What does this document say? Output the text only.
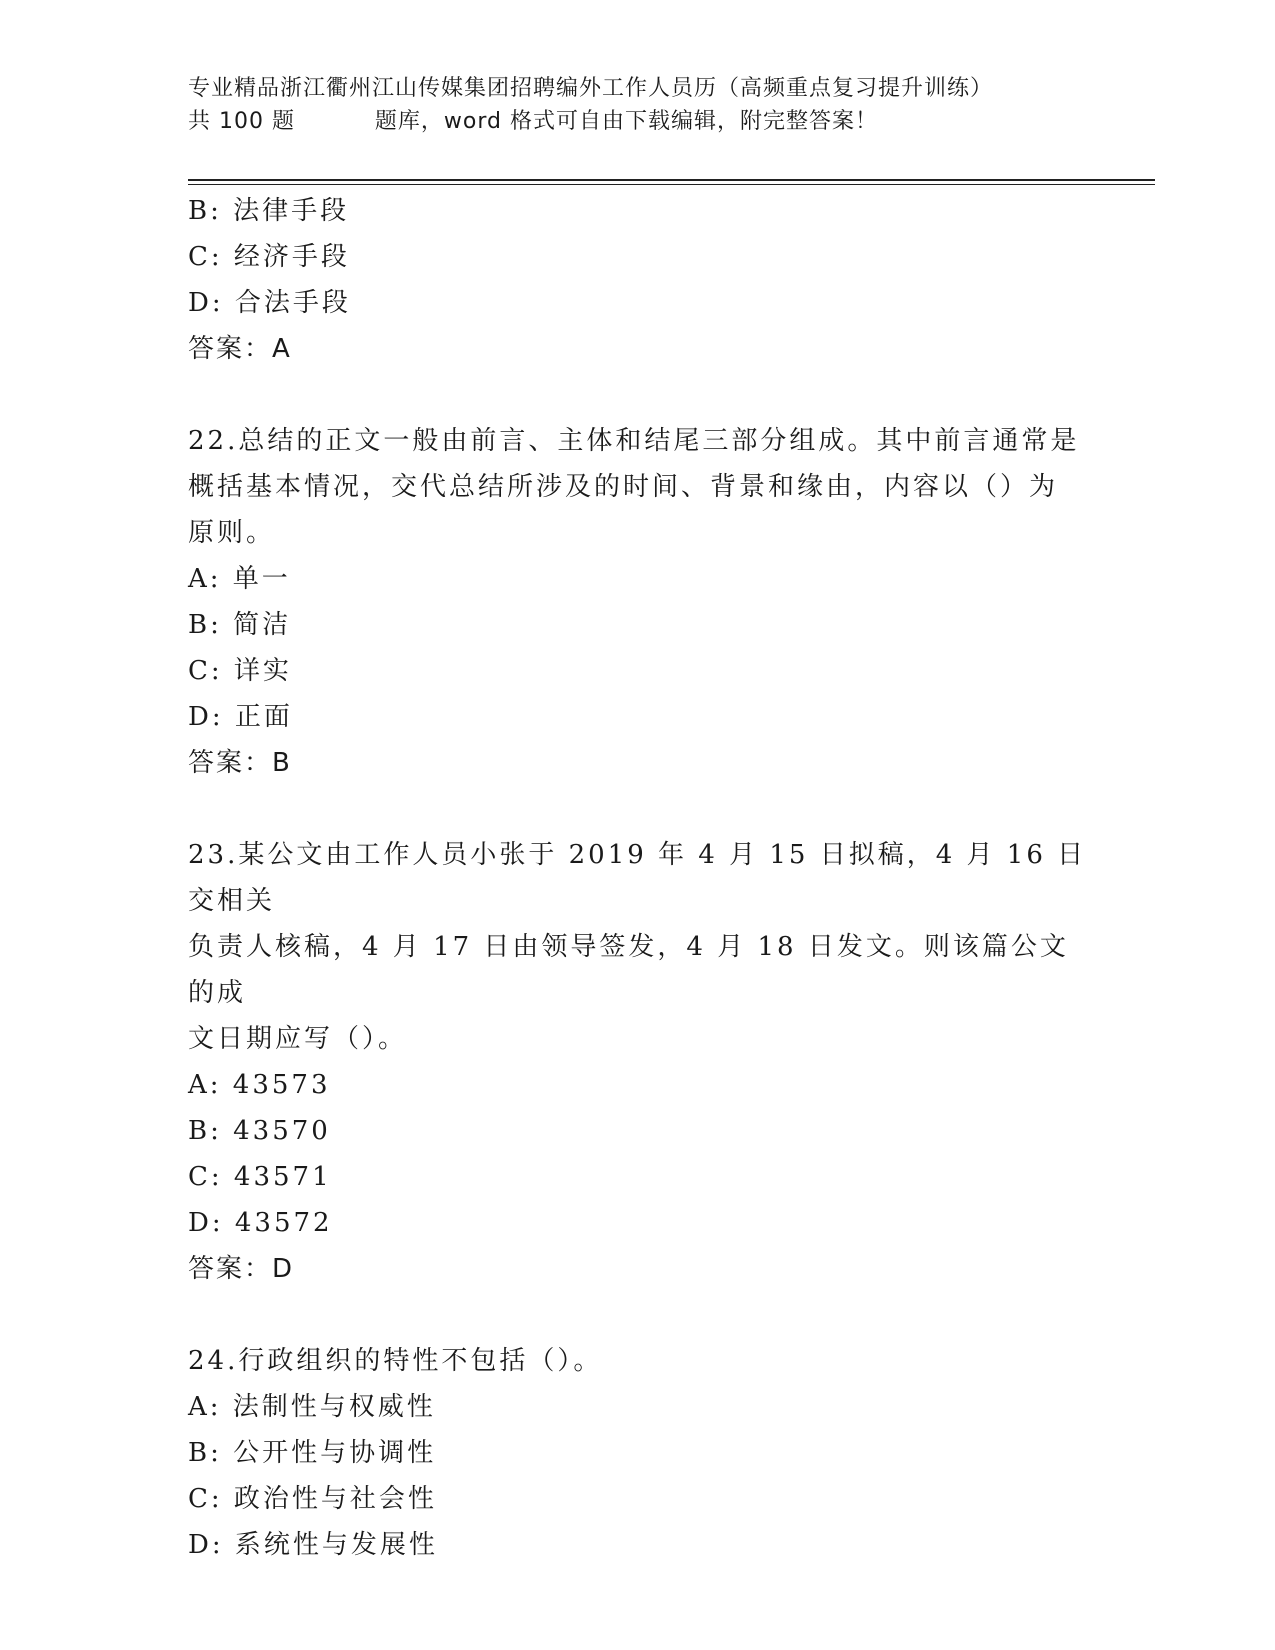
专业精品浙江衢州江山传媒集团招聘编外工作人员历（高频重点复习提升训练）
共 100 题          题库，word 格式可自由下载编辑，附完整答案！
B: 法律手段
C: 经济手段
D: 合法手段
答案：A
22.总结的正文一般由前言、主体和结尾三部分组成。其中前言通常是
概括基本情况，交代总结所涉及的时间、背景和缘由，内容以（）为
原则。
A: 单一
B: 简洁
C: 详实
D: 正面
答案：B
23.某公文由工作人员小张于 2019 年 4 月 15 日拟稿，4 月 16 日交相关
负责人核稿，4 月 17 日由领导签发，4 月 18 日发文。则该篇公文的成
文日期应写（）。
A: 43573
B: 43570
C: 43571
D: 43572
答案：D
24.行政组织的特性不包括（）。
A: 法制性与权威性
B: 公开性与协调性
C: 政治性与社会性
D: 系统性与发展性
